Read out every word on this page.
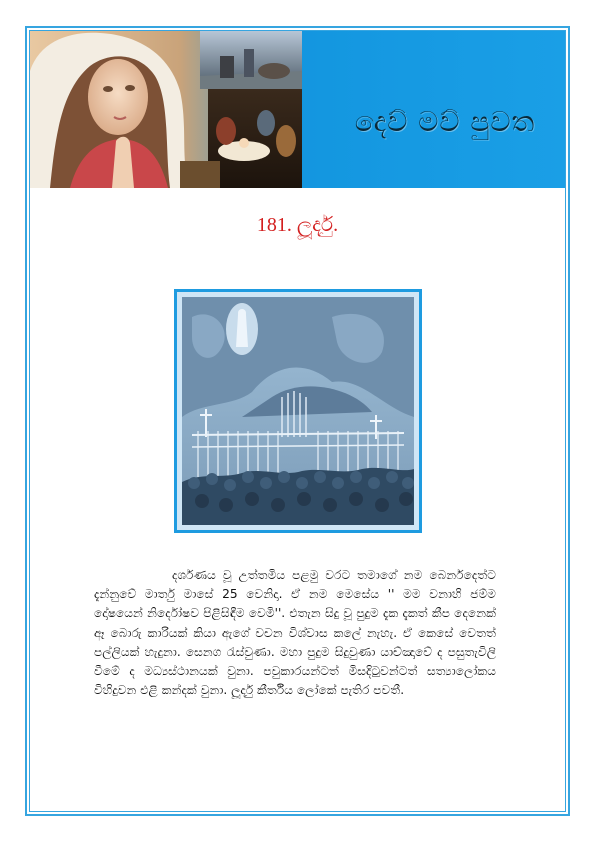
දෙව් මව් පුවත
181. ලූර්දු.

දර්ශණය වූ උත්තමිය පළමු වරට තමාගේ නම බෙර්නදෙත්ට දැන්නුවේ මාර්තු මාසේ 25 වෙනිදා. ඒ නම මෙසේය '' මම වනාහි ජම්ම දෝෂයෙන් නිර්දෝෂව පිළිසිඳීම වෙමි''. එතැන සිදු වූ පුදුම දැක දැකත් කීප දෙනෙක් ඈ බොරු කාරියක් කියා ඇගේ වචන විශ්වාස කලේ නැහැ. ඒ කෙසේ වෙතත් පල්ලියක් හැදුනා. සෙනග රැස්වුණා. මහා පුදුම සිදුවුණා යාච්ඤාවේ ද පසුතැවිලි වීමේ ද මධ්‍යස්ථානයක් වුනා. පවුකාරයන්ටත් මිසදිටුවන්ටත් සත්‍යාලෝකය විහිදුවන එළි කන්දක් වුනා. ලූර්දු කීර්තිය ලෝකේ පැතිර පවතී.
